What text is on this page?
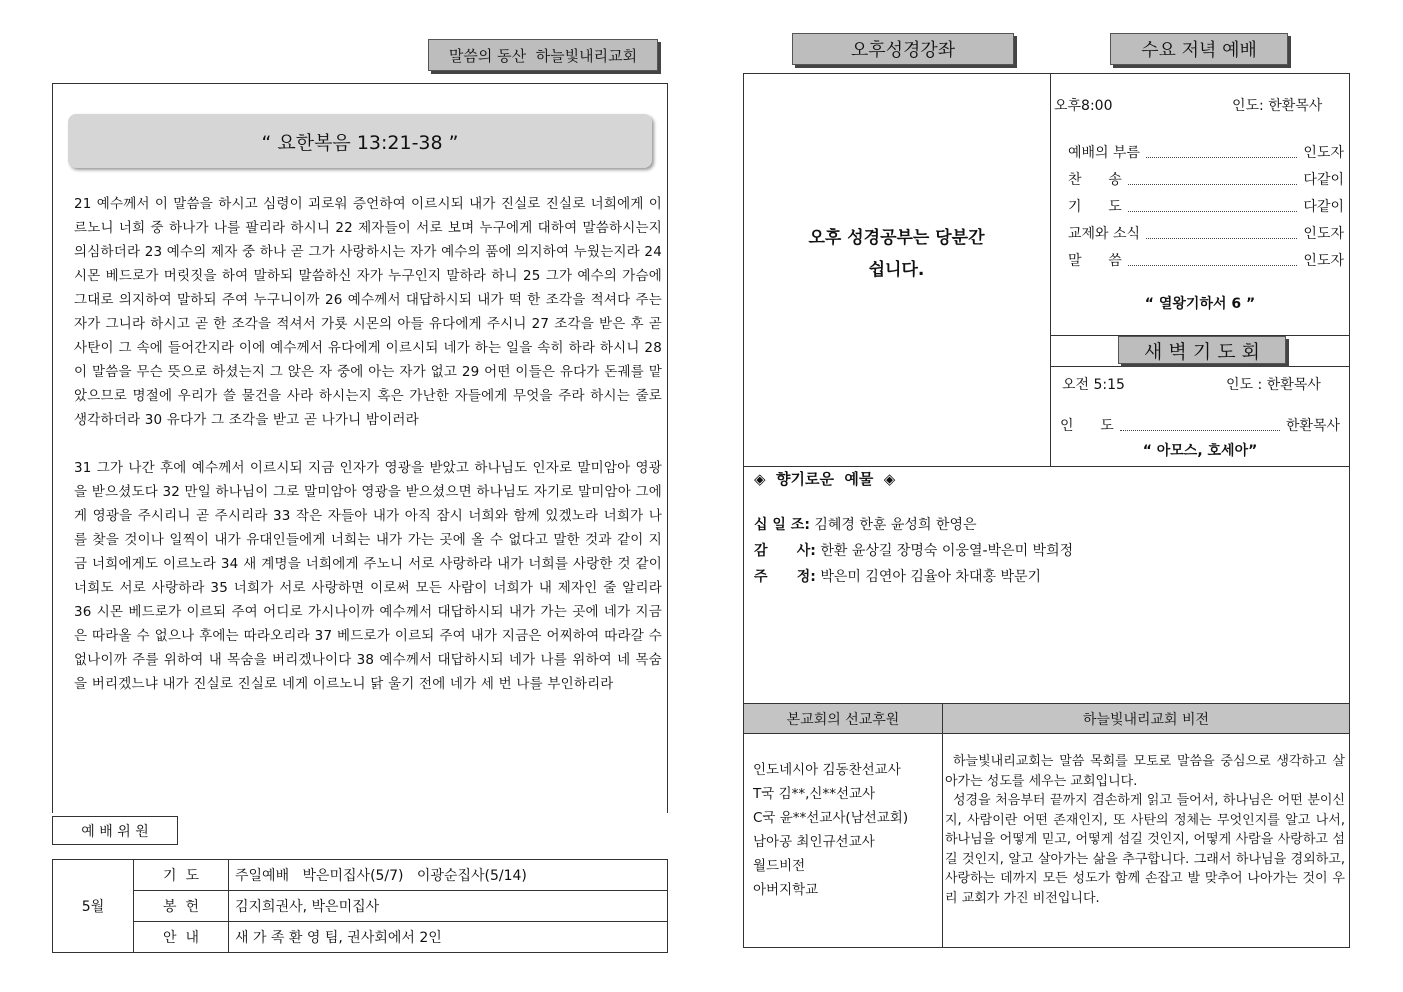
말씀의 동산  하늘빛내리교회
“ 요한복음 13:21-38 ”

21 예수께서 이 말씀을 하시고 심령이 괴로워 증언하여 이르시되 내가 진실로 진실로 너희에게 이르노니 너희 중 하나가 나를 팔리라 하시니 22 제자들이 서로 보며 누구에게 대하여 말씀하시는지 의심하더라 23 예수의 제자 중 하나 곧 그가 사랑하시는 자가 예수의 품에 의지하여 누웠는지라 24 시몬 베드로가 머릿짓을 하여 말하되 말씀하신 자가 누구인지 말하라 하니 25 그가 예수의 가슴에 그대로 의지하여 말하되 주여 누구니이까 26 예수께서 대답하시되 내가 떡 한 조각을 적셔다 주는 자가 그니라 하시고 곧 한 조각을 적셔서 가룟 시몬의 아들 유다에게 주시니 27 조각을 받은 후 곧 사탄이 그 속에 들어간지라 이에 예수께서 유다에게 이르시되 네가 하는 일을 속히 하라 하시니 28 이 말씀을 무슨 뜻으로 하셨는지 그 앉은 자 중에 아는 자가 없고 29 어떤 이들은 유다가 돈궤를 맡았으므로 명절에 우리가 쓸 물건을 사라 하시는지 혹은 가난한 자들에게 무엇을 주라 하시는 줄로 생각하더라 30 유다가 그 조각을 받고 곧 나가니 밤이러라

31 그가 나간 후에 예수께서 이르시되 지금 인자가 영광을 받았고 하나님도 인자로 말미암아 영광을 받으셨도다 32 만일 하나님이 그로 말미암아 영광을 받으셨으면 하나님도 자기로 말미암아 그에게 영광을 주시리니 곧 주시리라 33 작은 자들아 내가 아직 잠시 너희와 함께 있겠노라 너희가 나를 찾을 것이나 일찍이 내가 유대인들에게 너희는 내가 가는 곳에 올 수 없다고 말한 것과 같이 지금 너희에게도 이르노라 34 새 계명을 너희에게 주노니 서로 사랑하라 내가 너희를 사랑한 것 같이 너희도 서로 사랑하라 35 너희가 서로 사랑하면 이로써 모든 사람이 너희가 내 제자인 줄 알리라 36 시몬 베드로가 이르되 주여 어디로 가시나이까 예수께서 대답하시되 내가 가는 곳에 네가 지금은 따라올 수 없으나 후에는 따라오리라 37 베드로가 이르되 주여 내가 지금은 어찌하여 따라갈 수 없나이까 주를 위하여 내 목숨을 버리겠나이다 38 예수께서 대답하시되 네가 나를 위하여 네 목숨을 버리겠느냐 내가 진실로 진실로 네게 이르노니 닭 울기 전에 네가 세 번 나를 부인하리라

예 배 위 원
5월	기  도	주일예배   박은미집사(5/7)   이광순집사(5/14)
	봉  헌	김지희권사, 박은미집사
	안  내	새 가 족 환 영 팀, 권사회에서 2인
오후성경강좌	수요 저녁 예배
오후 성경공부는 당분간
쉽니다.
오후8:00	인도: 한환목사
예배의 부름	인도자
찬      송	다같이
기      도	다같이
교제와 소식	인도자
말      씀	인도자
“ 열왕기하서 6 ”
새 벽 기 도 회
오전 5:15	인도 : 한환목사
인      도	한환목사
“ 아모스, 호세아”
◈  향기로운  예물  ◈
십 일 조: 김혜경 한훈 윤성희 한영은
감      사: 한환 윤상길 장명숙 이웅열-박은미 박희정
주      정: 박은미 김연아 김율아 차대홍 박문기
본교회의 선교후원	하늘빛내리교회 비전
인도네시아 김동찬선교사
T국 김**,신**선교사
C국 윤**선교사(남선교회)
남아공 최인규선교사
월드비전
아버지학교
하늘빛내리교회는 말씀 목회를 모토로 말씀을 중심으로 생각하고 살아가는 성도를 세우는 교회입니다.
성경을 처음부터 끝까지 겸손하게 읽고 들어서, 하나님은 어떤 분이신지, 사람이란 어떤 존재인지, 또 사탄의 정체는 무엇인지를 알고 나서, 하나님을 어떻게 믿고, 어떻게 섬길 것인지, 어떻게 사람을 사랑하고 섬길 것인지, 알고 살아가는 삶을 추구합니다. 그래서 하나님을 경외하고, 사랑하는 데까지 모든 성도가 함께 손잡고 발 맞추어 나아가는 것이 우리 교회가 가진 비전입니다.
